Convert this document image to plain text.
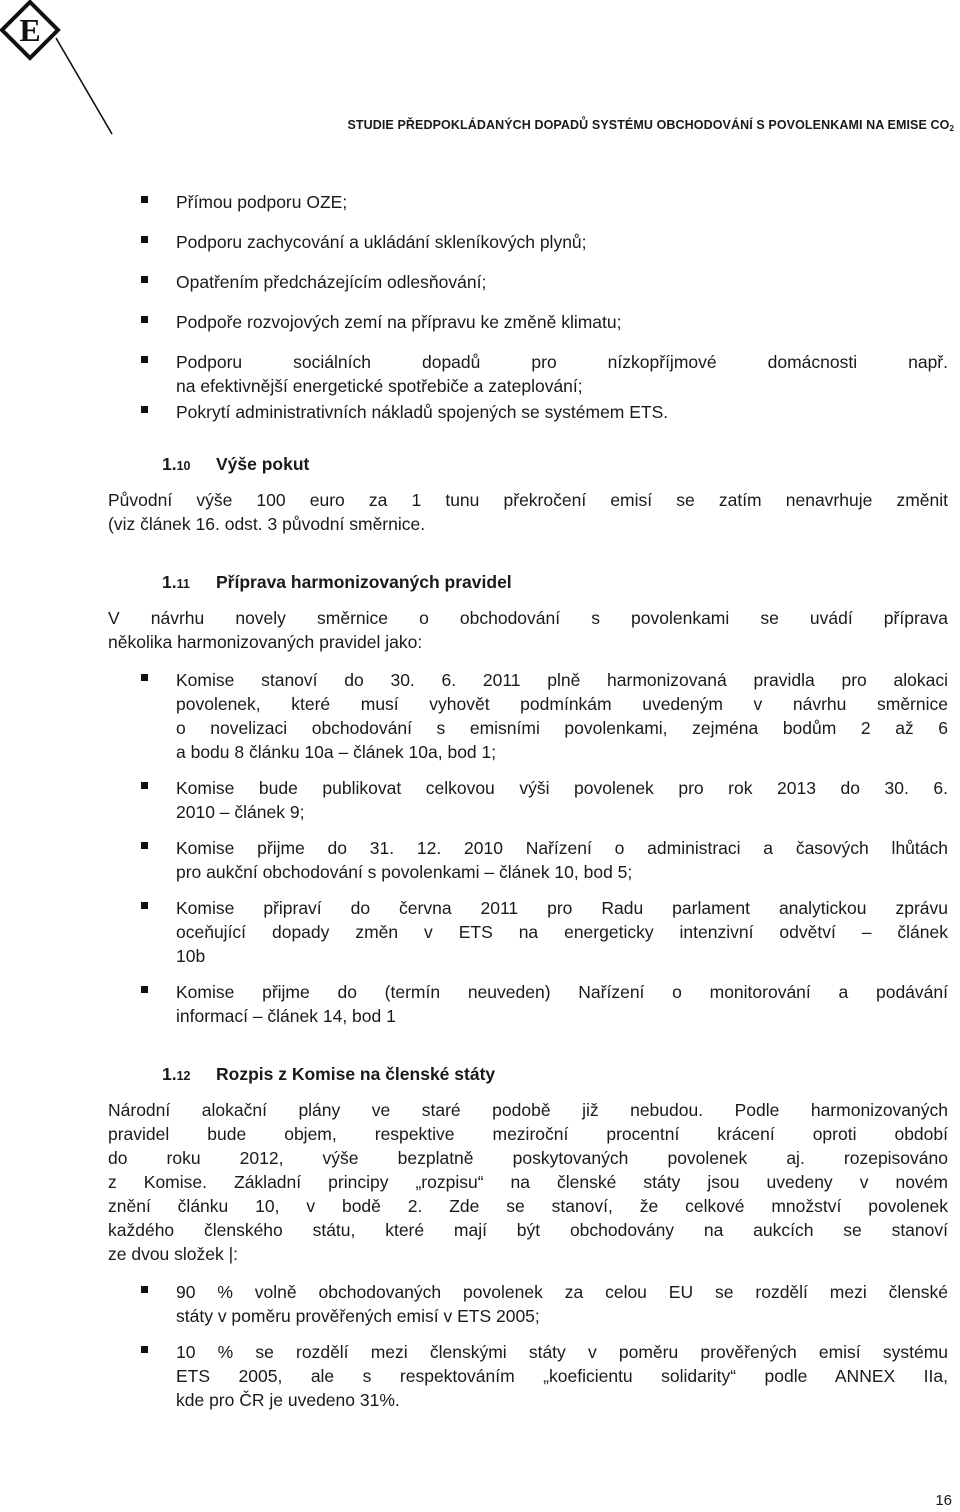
E
STUDIE PŘEDPOKLÁDANÝCH DOPADŮ SYSTÉMU OBCHODOVÁNÍ S POVOLENKAMI NA EMISE $CO_2$
Přímou podporu OZE;
Podporu zachycování a ukládání skleníkových plynů;
Opatřením předcházejícím odlesňování;
Podpoře rozvojových zemí na přípravu ke změně klimatu;
Podporu sociálních dopadů pro nízkopříjmové domácnosti např.
na efektivnější energetické spotřebiče a zateplování;
Pokrytí administrativních nákladů spojených se systémem ETS.
1.10 Výše pokut
Původní výše 100 euro za 1 tunu překročení emisí se zatím nenavrhuje změnit
(viz článek 16. odst. 3 původní směrnice.
1.11 Příprava harmonizovaných pravidel
V návrhu novely směrnice o obchodování s povolenkami se uvádí příprava
několika harmonizovaných pravidel jako:
Komise stanoví do 30. 6. 2011 plně harmonizovaná pravidla pro alokaci
povolenek, které musí vyhovět podmínkám uvedeným v návrhu směrnice
o novelizaci obchodování s emisními povolenkami, zejména bodům 2 až 6
a bodu 8 článku 10a – článek 10a, bod 1;
Komise bude publikovat celkovou výši povolenek pro rok 2013 do 30. 6.
2010 – článek 9;
Komise přijme do 31. 12. 2010 Nařízení o administraci a časových lhůtách
pro aukční obchodování s povolenkami – článek 10, bod 5;
Komise připraví do června 2011 pro Radu parlament analytickou zprávu
oceňující dopady změn v ETS na energeticky intenzivní odvětví – článek
10b
Komise přijme do (termín neuveden) Nařízení o monitorování a podávání
informací – článek 14, bod 1
1.12 Rozpis z Komise na členské státy
Národní alokační plány ve staré podobě již nebudou. Podle harmonizovaných
pravidel bude objem, respektive meziroční procentní krácení oproti období
do roku 2012, výše bezplatně poskytovaných povolenek aj. rozepisováno
z Komise. Základní principy „rozpisu“ na členské státy jsou uvedeny v novém
znění článku 10, v bodě 2. Zde se stanoví, že celkové množství povolenek
každého členského státu, které mají být obchodovány na aukcích se stanoví
ze dvou složek |:
90 % volně obchodovaných povolenek za celou EU se rozdělí mezi členské
státy v poměru prověřených emisí v ETS 2005;
10 % se rozdělí mezi členskými státy v poměru prověřených emisí systému
ETS 2005, ale s respektováním „koeficientu solidarity“ podle ANNEX IIa,
kde pro ČR je uvedeno 31%.
16
